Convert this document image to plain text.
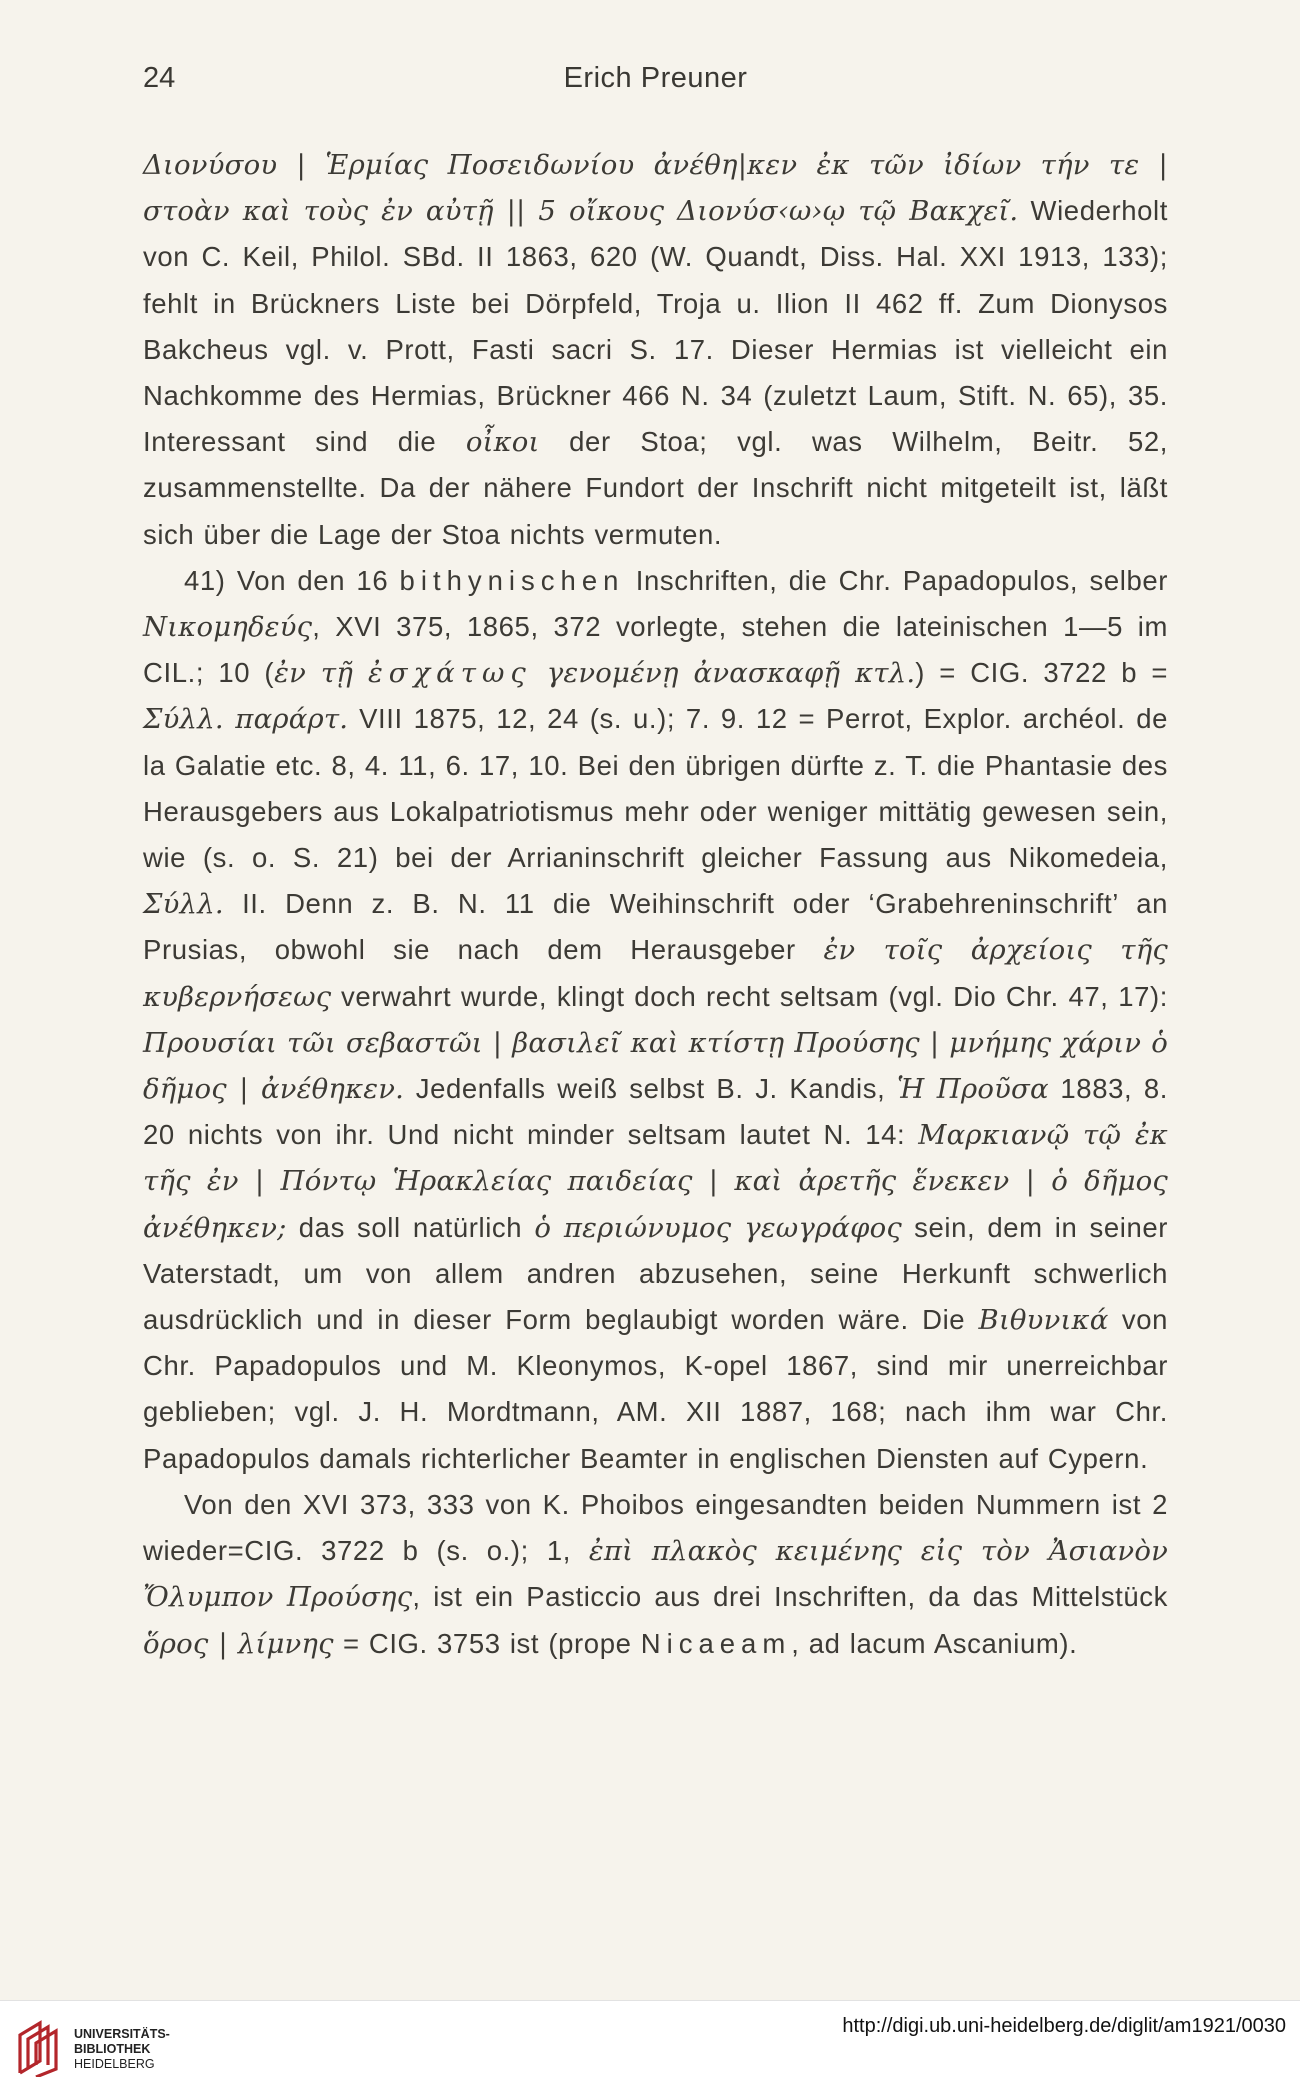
24	Erich Preuner

Διονύσου | Ἑρμίας Ποσειδωνίου ἀνέθη|κεν ἐκ τῶν ἰδίων τήν τε | στοὰν καὶ τοὺς ἐν αὐτῇ || 5 οἴκους Διονύσ‹ω›ῳ τῷ Βακχεῖ. Wiederholt von C. Keil, Philol. SBd. II 1863, 620 (W. Quandt, Diss. Hal. XXI 1913, 133); fehlt in Brückners Liste bei Dörpfeld, Troja u. Ilion II 462 ff. Zum Dionysos Bakcheus vgl. v. Prott, Fasti sacri S. 17. Dieser Hermias ist vielleicht ein Nachkomme des Hermias, Brückner 466 N. 34 (zuletzt Laum, Stift. N. 65), 35. Interessant sind die οἶκοι der Stoa; vgl. was Wilhelm, Beitr. 52, zusammenstellte. Da der nähere Fundort der Inschrift nicht mitgeteilt ist, läßt sich über die Lage der Stoa nichts vermuten.

41) Von den 16 bithynischen Inschriften, die Chr. Papadopulos, selber Νικομηδεύς, XVI 375, 1865, 372 vorlegte, stehen die lateinischen 1—5 im CIL.; 10 (ἐν τῇ ἐσχάτως γενομένῃ ἀνασκαφῇ κτλ.) = CIG. 3722 b = Σύλλ. παράρτ. VIII 1875, 12, 24 (s. u.); 7. 9. 12 = Perrot, Explor. archéol. de la Galatie etc. 8, 4. 11, 6. 17, 10. Bei den übrigen dürfte z. T. die Phantasie des Herausgebers aus Lokalpatriotismus mehr oder weniger mittätig gewesen sein, wie (s. o. S. 21) bei der Arrianinschrift gleicher Fassung aus Nikomedeia, Σύλλ. II. Denn z. B. N. 11 die Weihinschrift oder ‘Grabehreninschrift’ an Prusias, obwohl sie nach dem Herausgeber ἐν τοῖς ἀρχείοις τῆς κυβερνήσεως verwahrt wurde, klingt doch recht seltsam (vgl. Dio Chr. 47, 17): Προυσίαι τῶι σεβαστῶι | βασιλεῖ καὶ κτίστῃ Προύσης | μνήμης χάριν ὁ δῆμος | ἀνέθηκεν. Jedenfalls weiß selbst B. J. Kandis, Ἡ Προῦσα 1883, 8. 20 nichts von ihr. Und nicht minder seltsam lautet N. 14: Μαρκιανῷ τῷ ἐκ τῆς ἐν | Πόντῳ Ἡρακλείας παιδείας | καὶ ἀρετῆς ἕνεκεν | ὁ δῆμος ἀνέθηκεν; das soll natürlich ὁ περιώνυμος γεωγράφος sein, dem in seiner Vaterstadt, um von allem andren abzusehen, seine Herkunft schwerlich ausdrücklich und in dieser Form beglaubigt worden wäre. Die Βιθυνικά von Chr. Papadopulos und M. Kleonymos, K-opel 1867, sind mir unerreichbar geblieben; vgl. J. H. Mordtmann, AM. XII 1887, 168; nach ihm war Chr. Papadopulos damals richterlicher Beamter in englischen Diensten auf Cypern.

Von den XVI 373, 333 von K. Phoibos eingesandten beiden Nummern ist 2 wieder=CIG. 3722 b (s. o.); 1, ἐπὶ πλακὸς κειμένης εἰς τὸν Ἀσιανὸν Ὄλυμπον Προύσης, ist ein Pasticcio aus drei Inschriften, da das Mittelstück ὅρος | λίμνης = CIG. 3753 ist (prope Nicaeam, ad lacum Ascanium).

UNIVERSITÄTS-
BIBLIOTHEK
HEIDELBERG
http://digi.ub.uni-heidelberg.de/diglit/am1921/0030
